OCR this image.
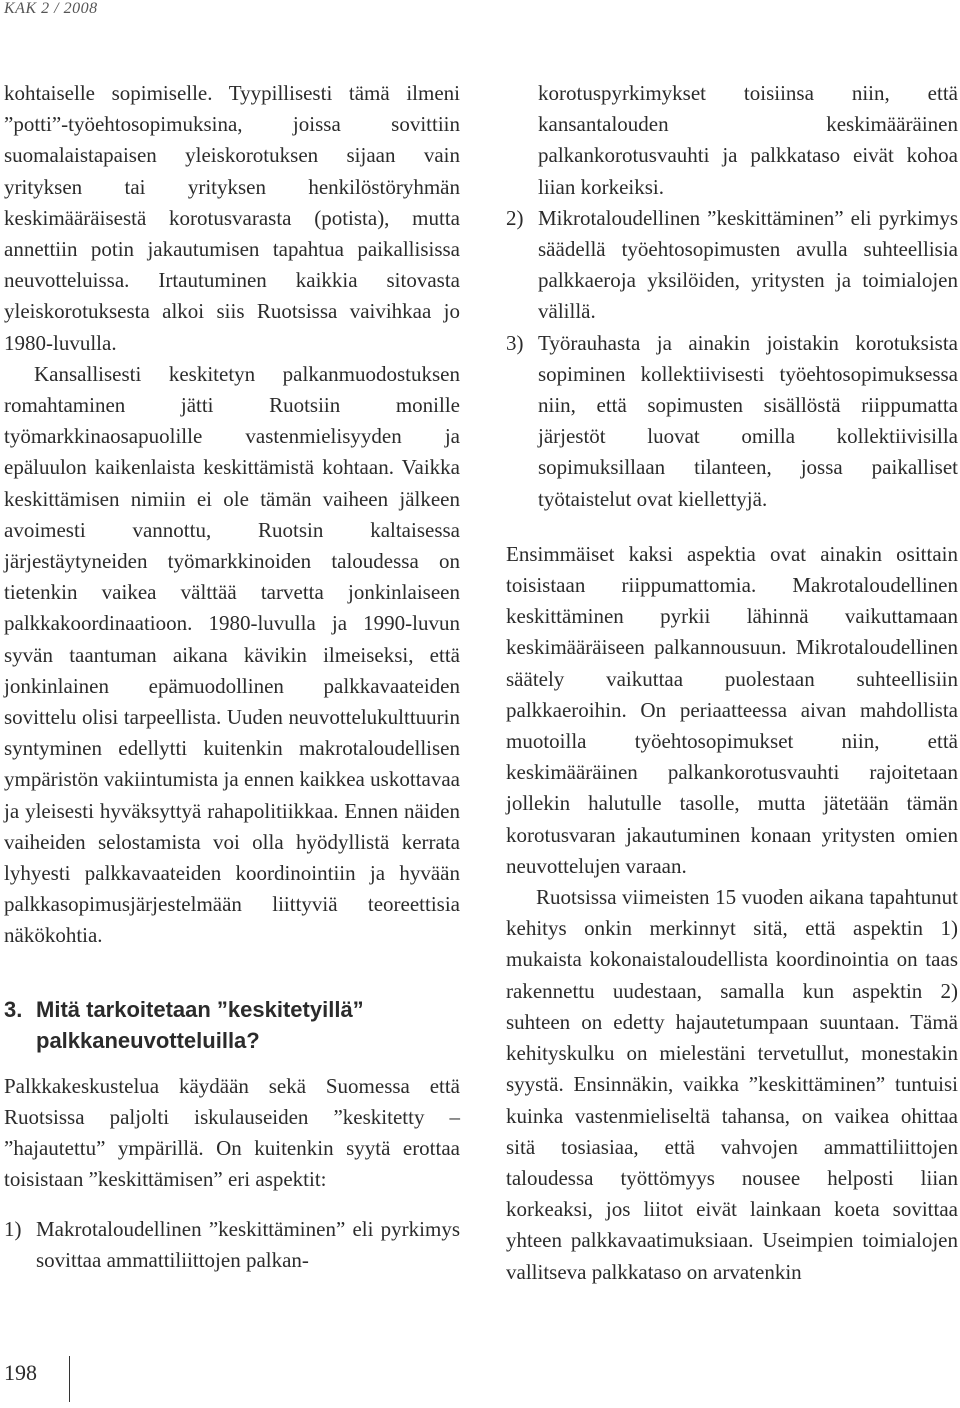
KAK 2 / 2008

kohtaiselle sopimiselle. Tyypillisesti tämä ilmeni ”potti”-työehtosopimuksina, joissa sovittiin suomalaistapaisen yleiskorotuksen sijaan vain yrityksen tai yrityksen henkilöstöryhmän keskimääräisestä korotusvarasta (potista), mutta annettiin potin jakautumisen tapahtua paikallisissa neuvotteluissa. Irtautuminen kaikkia sitovasta yleiskorotuksesta alkoi siis Ruotsissa vaivihkaa jo 1980-luvulla.

Kansallisesti keskitetyn palkanmuodostuksen romahtaminen jätti Ruotsiin monille työmarkkinaosapuolille vastenmielisyyden ja epäluulon kaikenlaista keskittämistä kohtaan. Vaikka keskittämisen nimiin ei ole tämän vaiheen jälkeen avoimesti vannottu, Ruotsin kaltaisessa järjestäytyneiden työmarkkinoiden taloudessa on tietenkin vaikea välttää tarvetta jonkinlaiseen palkkakoordinaatioon. 1980-luvulla ja 1990-luvun syvän taantuman aikana kävikin ilmeiseksi, että jonkinlainen epämuodollinen palkkavaateiden sovittelu olisi tarpeellista. Uuden neuvottelukulttuurin syntyminen edellytti kuitenkin makrotaloudellisen ympäristön vakiintumista ja ennen kaikkea uskottavaa ja yleisesti hyväksyttyä rahapolitiikkaa. Ennen näiden vaiheiden selostamista voi olla hyödyllistä kerrata lyhyesti palkkavaateiden koordinointiin ja hyvään palkkasopimusjärjestelmään liittyviä teoreettisia näkökohtia.

3. Mitä tarkoitetaan ”keskitetyillä” palkkaneuvotteluilla?

Palkkakeskustelua käydään sekä Suomessa että Ruotsissa paljolti iskulauseiden ”keskitetty – ”hajautettu” ympärillä. On kuitenkin syytä erottaa toisistaan ”keskittämisen” eri aspektit:

1) Makrotaloudellinen ”keskittäminen” eli pyrkimys sovittaa ammattiliittojen palkan-
korotuspyrkimykset toisiinsa niin, että kansantalouden keskimääräinen palkankorotusvauhti ja palkkataso eivät kohoa liian korkeiksi.
2) Mikrotaloudellinen ”keskittäminen” eli pyrkimys säädellä työehtosopimusten avulla suhteellisia palkkaeroja yksilöiden, yritysten ja toimialojen välillä.
3) Työrauhasta ja ainakin joistakin korotuksista sopiminen kollektiivisesti työehtosopimuksessa niin, että sopimusten sisällöstä riippumatta järjestöt luovat omilla kollektiivisilla sopimuksillaan tilanteen, jossa paikalliset työtaistelut ovat kiellettyjä.

Ensimmäiset kaksi aspektia ovat ainakin osittain toisistaan riippumattomia. Makrotaloudellinen keskittäminen pyrkii lähinnä vaikuttamaan keskimääräiseen palkannousuun. Mikrotaloudellinen säätely vaikuttaa puolestaan suhteellisiin palkkaeroihin. On periaatteessa aivan mahdollista muotoilla työehtosopimukset niin, että keskimääräinen palkankorotusvauhti rajoitetaan jollekin halutulle tasolle, mutta jätetään tämän korotusvaran jakautuminen konaan yritysten omien neuvottelujen varaan.

Ruotsissa viimeisten 15 vuoden aikana tapahtunut kehitys onkin merkinnyt sitä, että aspektin 1) mukaista kokonaistaloudellista koordinointia on taas rakennettu uudestaan, samalla kun aspektin 2) suhteen on edetty hajautetumpaan suuntaan. Tämä kehityskulku on mielestäni tervetullut, monestakin syystä. Ensinnäkin, vaikka ”keskittäminen” tuntuisi kuinka vastenmieliseltä tahansa, on vaikea ohittaa sitä tosiasiaa, että vahvojen ammattiliittojen taloudessa työttömyys nousee helposti liian korkeaksi, jos liitot eivät lainkaan koeta sovittaa yhteen palkkavaatimuksiaan. Useimpien toimialojen vallitseva palkkataso on arvatenkin

198
